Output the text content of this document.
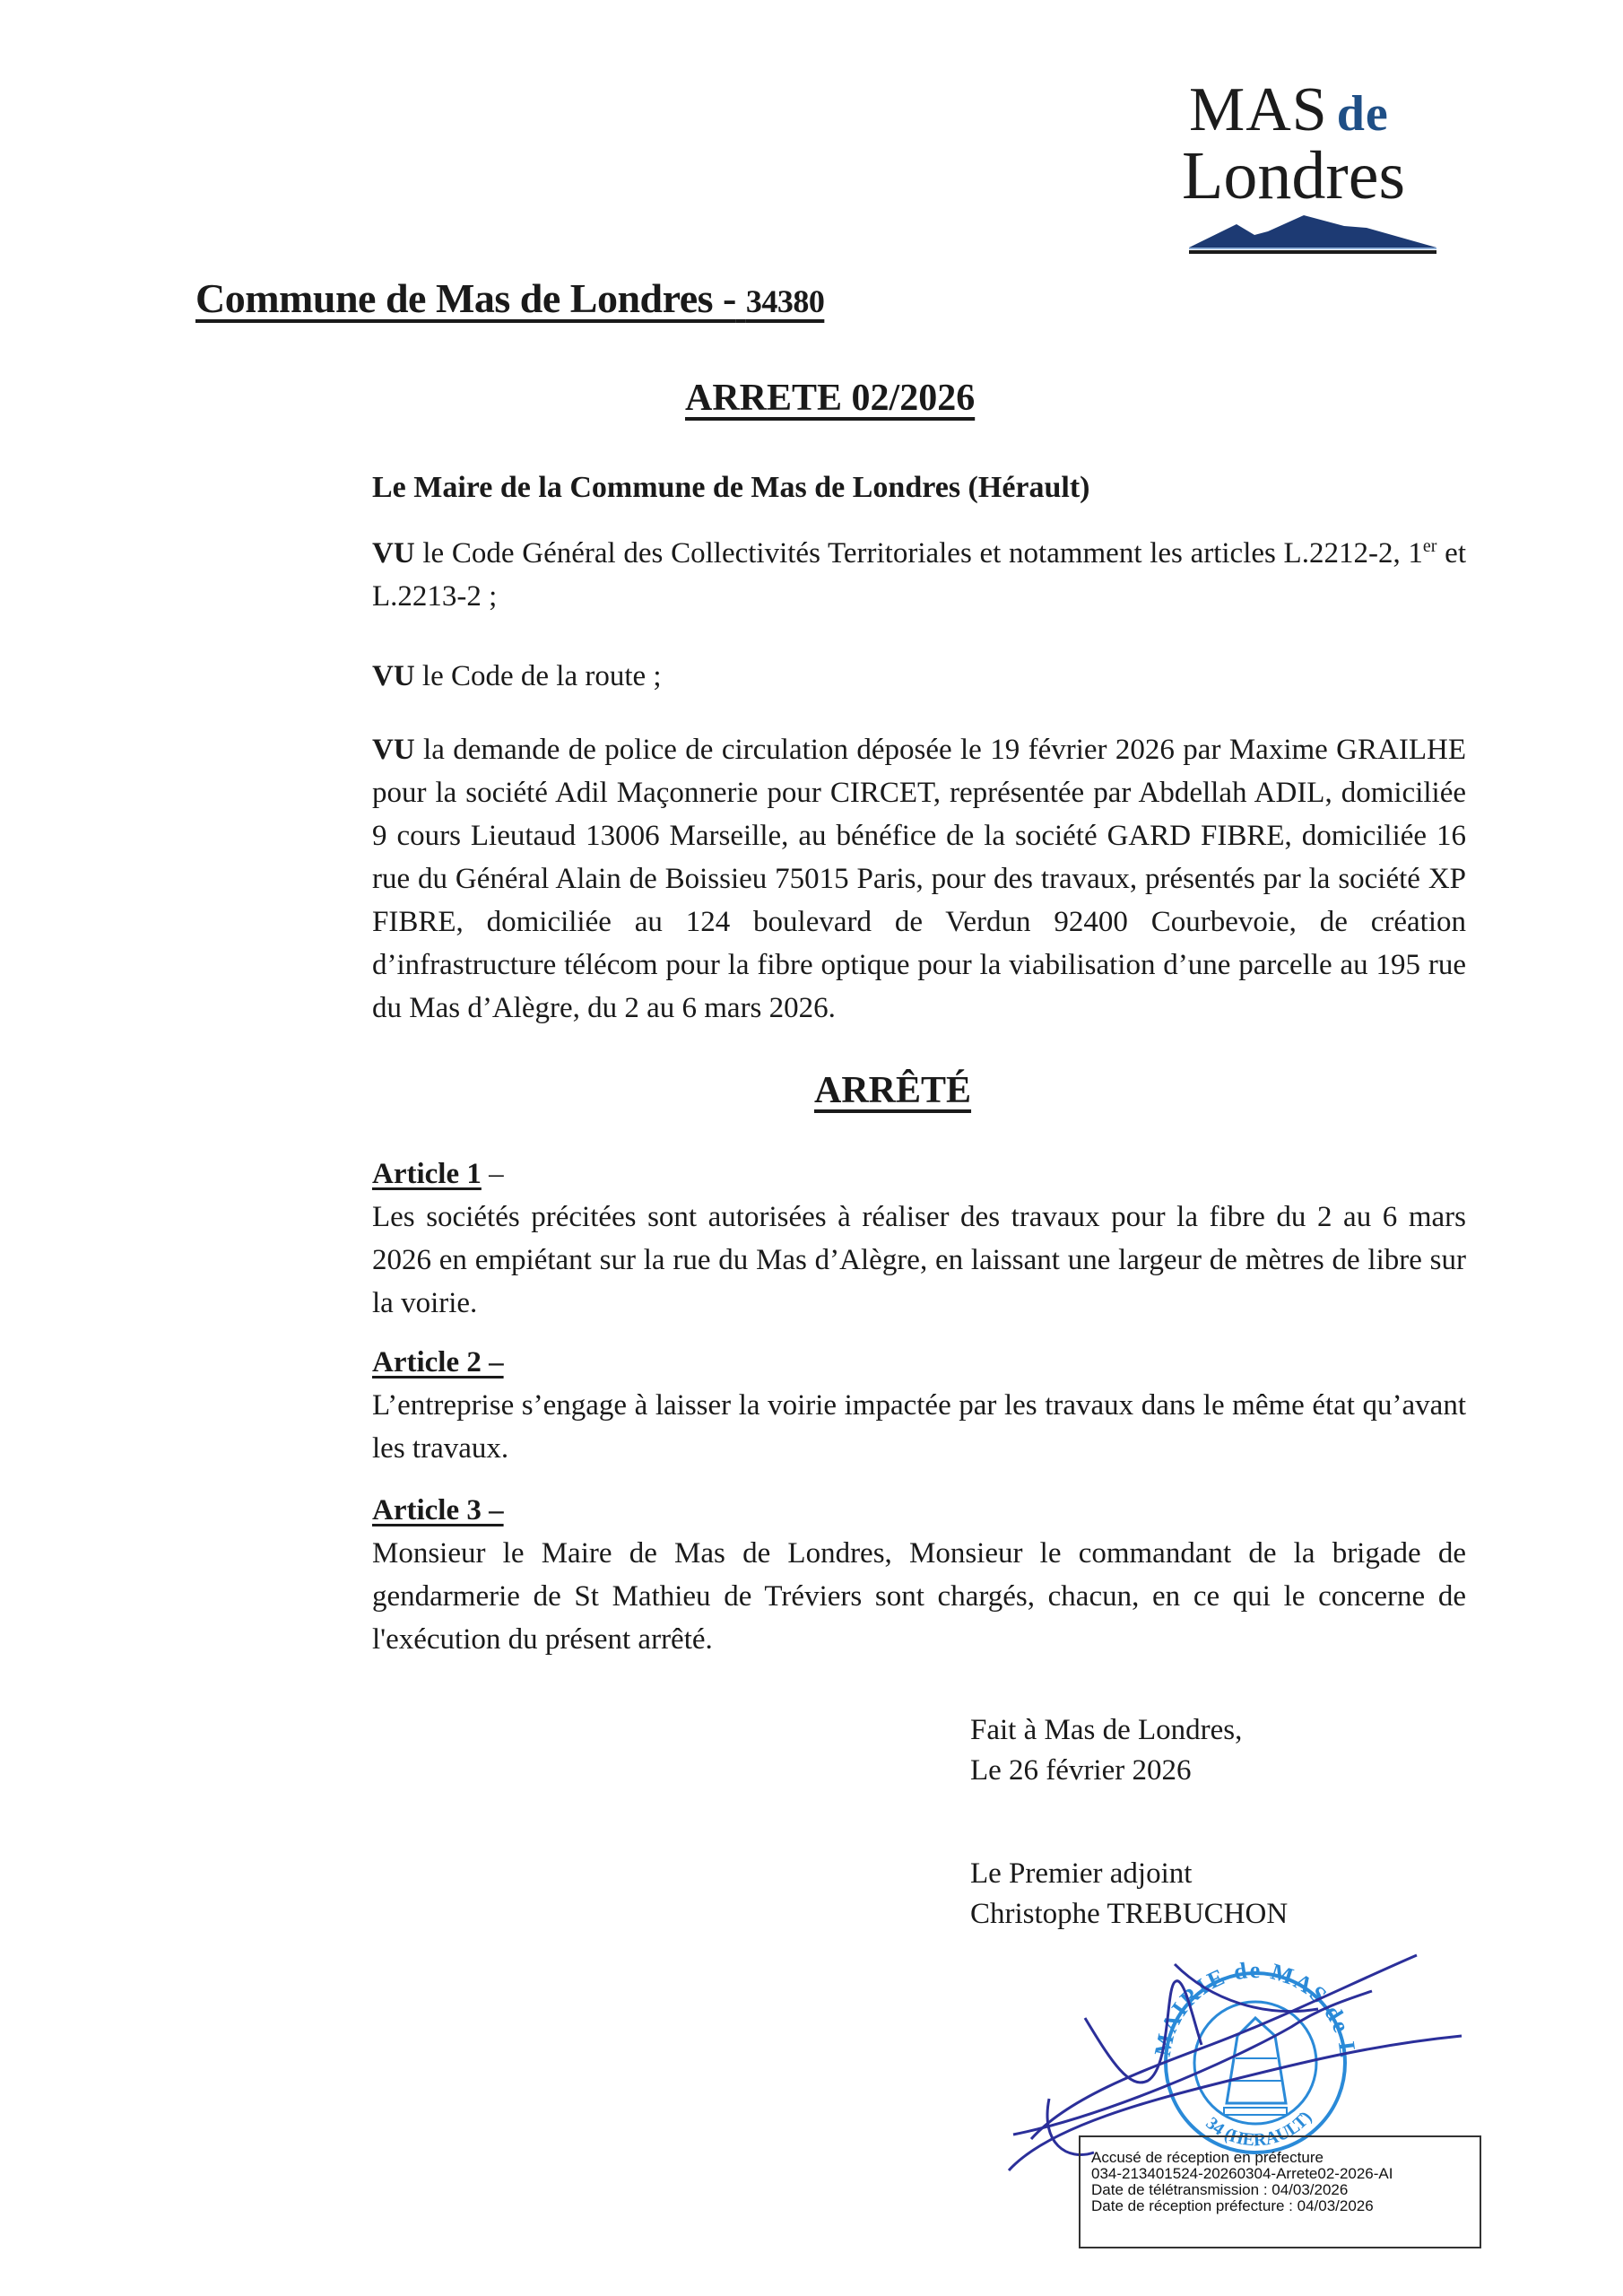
MAS de
Londres
Commune de Mas de Londres - 34380
ARRETE 02/2026
Le Maire de la Commune de Mas de Londres (Hérault)

VU le Code Général des Collectivités Territoriales et notamment les articles L.2212-2, 1er et L.2213-2 ;

VU le Code de la route ;

VU la demande de police de circulation déposée le 19 février 2026 par Maxime GRAILHE pour la société Adil Maçonnerie pour CIRCET, représentée par Abdellah ADIL, domiciliée 9 cours Lieutaud 13006 Marseille, au bénéfice de la société GARD FIBRE, domiciliée 16 rue du Général Alain de Boissieu 75015 Paris, pour des travaux, présentés par la société XP FIBRE, domiciliée au 124 boulevard de Verdun 92400 Courbevoie, de création d’infrastructure télécom pour la fibre optique pour la viabilisation d’une parcelle au 195 rue du Mas d’Alègre, du 2 au 6 mars 2026.

ARRÊTÉ

Article 1 –

Les sociétés précitées sont autorisées à réaliser des travaux pour la fibre du 2 au 6 mars 2026 en empiétant sur la rue du Mas d’Alègre, en laissant une largeur de mètres de libre sur la voirie.

Article 2 –

L’entreprise s’engage à laisser la voirie impactée par les travaux dans le même état qu’avant les travaux.

Article 3 –

Monsieur le Maire de Mas de Londres, Monsieur le commandant de la brigade de gendarmerie de St Mathieu de Tréviers sont chargés, chacun, en ce qui le concerne de l'exécution du présent arrêté.

Fait à Mas de Londres,
Le 26 février 2026
Le Premier adjoint
Christophe TREBUCHON
MAIRIE de MAS de L
34 (HERAULT)
Accusé de réception en préfecture
034-213401524-20260304-Arrete02-2026-AI
Date de télétransmission : 04/03/2026
Date de réception préfecture : 04/03/2026
